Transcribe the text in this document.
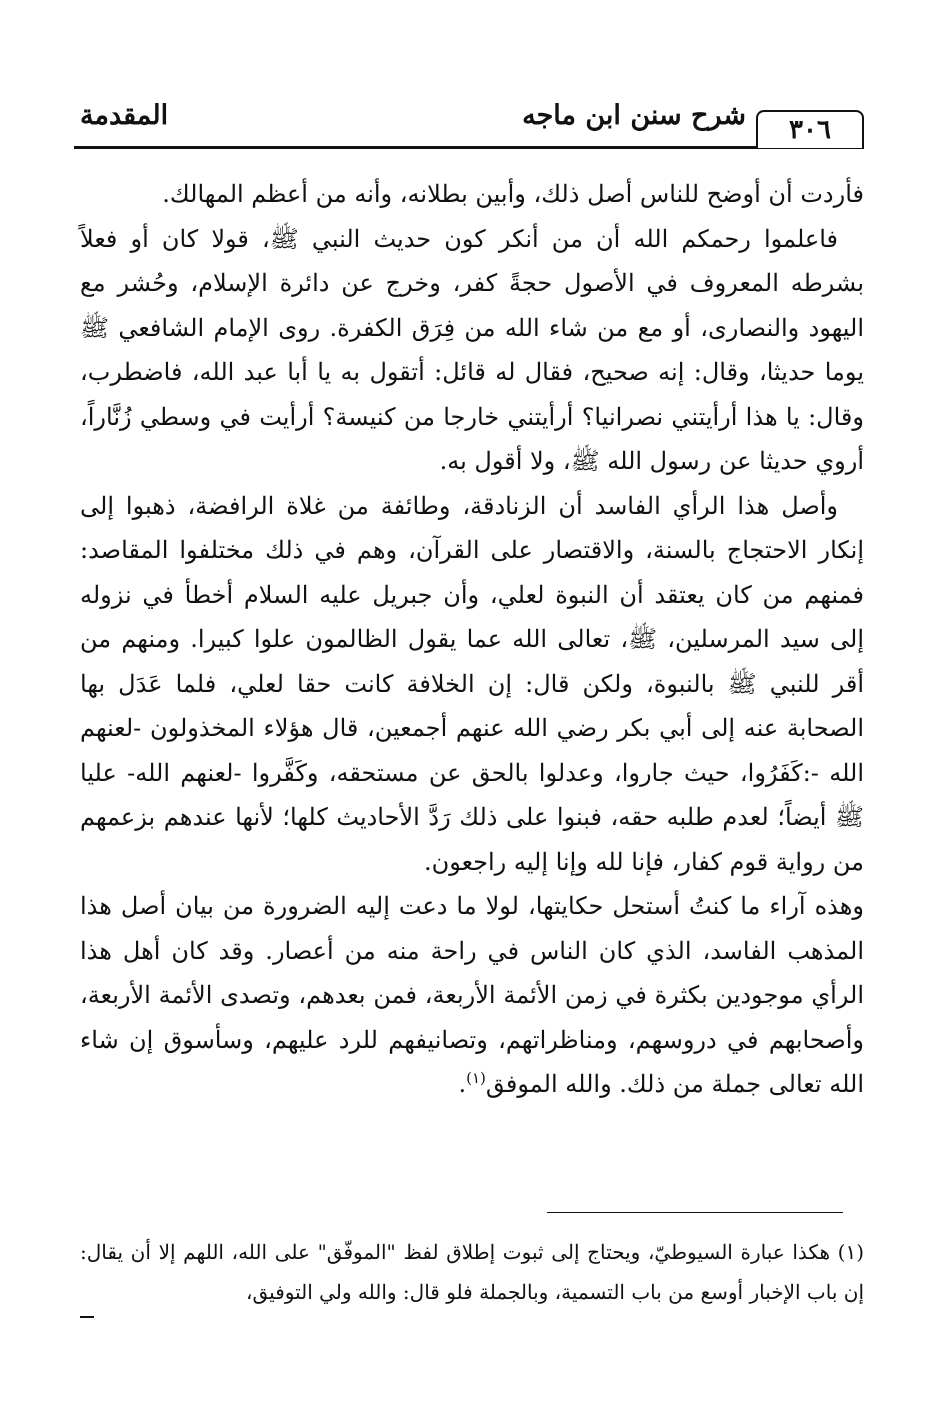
٣٠٦
شرح سنن ابن ماجه
المقدمة

فأردت أن أوضح للناس أصل ذلك، وأبين بطلانه، وأنه من أعظم المهالك.

فاعلموا رحمكم الله أن من أنكر كون حديث النبي ﷺ، قولا كان أو فعلاً بشرطه المعروف في الأصول حجةً كفر، وخرج عن دائرة الإسلام، وحُشر مع اليهود والنصارى، أو مع من شاء الله من فِرَق الكفرة. روى الإمام الشافعي ﷺ يوما حديثا، وقال: إنه صحيح، فقال له قائل: أتقول به يا أبا عبد الله، فاضطرب، وقال: يا هذا أرأيتني نصرانيا؟ أرأيتني خارجا من كنيسة؟ أرأيت في وسطي زُنَّاراً، أروي حديثا عن رسول الله ﷺ، ولا أقول به.

وأصل هذا الرأي الفاسد أن الزنادقة، وطائفة من غلاة الرافضة، ذهبوا إلى إنكار الاحتجاج بالسنة، والاقتصار على القرآن، وهم في ذلك مختلفوا المقاصد: فمنهم من كان يعتقد أن النبوة لعلي، وأن جبريل عليه السلام أخطأ في نزوله إلى سيد المرسلين، ﷺ، تعالى الله عما يقول الظالمون علوا كبيرا. ومنهم من أقر للنبي ﷺ بالنبوة، ولكن قال: إن الخلافة كانت حقا لعلي، فلما عَدَل بها الصحابة عنه إلى أبي بكر رضي الله عنهم أجمعين، قال هؤلاء المخذولون -لعنهم الله -:كَفَرُوا، حيث جاروا، وعدلوا بالحق عن مستحقه، وكَفَّروا -لعنهم الله- عليا ﷺ أيضاً؛ لعدم طلبه حقه، فبنوا على ذلك رَدَّ الأحاديث كلها؛ لأنها عندهم بزعمهم من رواية قوم كفار، فإنا لله وإنا إليه راجعون.

وهذه آراء ما كنتُ أستحل حكايتها، لولا ما دعت إليه الضرورة من بيان أصل هذا المذهب الفاسد، الذي كان الناس في راحة منه من أعصار. وقد كان أهل هذا الرأي موجودين بكثرة في زمن الأئمة الأربعة، فمن بعدهم، وتصدى الأئمة الأربعة، وأصحابهم في دروسهم، ومناظراتهم، وتصانيفهم للرد عليهم، وسأسوق إن شاء الله تعالى جملة من ذلك. والله الموفق$^{(١)}$.

(١) هكذا عبارة السيوطيّ، ويحتاج إلى ثبوت إطلاق لفظ "الموفّق" على الله، اللهم إلا أن يقال: إن باب الإخبار أوسع من باب التسمية، وبالجملة فلو قال: والله ولي التوفيق،
